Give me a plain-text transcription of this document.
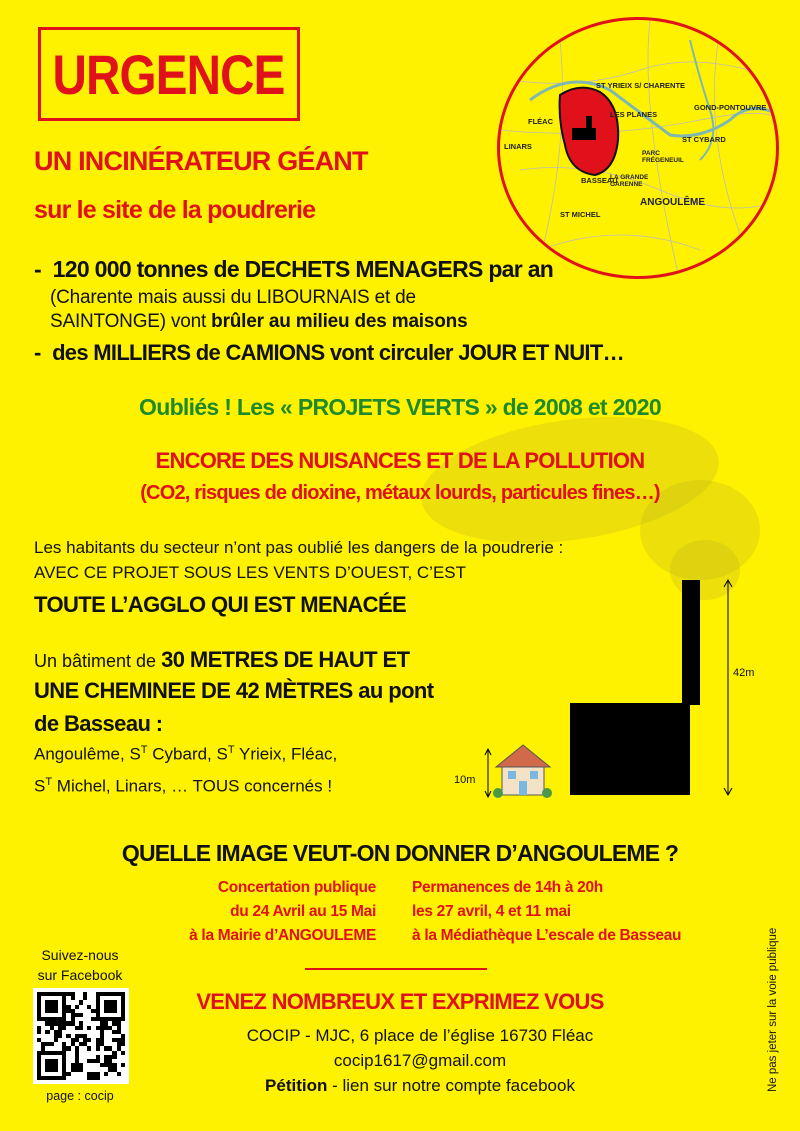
URGENCE
UN INCINÉRATEUR GÉANT
sur le site de la poudrerie
ST YRIEIX S/ CHARENTE
GOND-PONTOUVRE
FLÉAC
LES PLANES
ST CYBARD
LINARS
PARC FRÉGENEUIL
BASSEAU
LA GRANDE GARENNE
ANGOULÊME
ST MICHEL
- 120 000 tonnes de DECHETS MENAGERS par an
(Charente mais aussi du LIBOURNAIS et de
SAINTONGE) vont brûler au milieu des maisons
- des MILLIERS de CAMIONS vont circuler JOUR ET NUIT…
Oubliés ! Les « PROJETS VERTS » de 2008 et 2020
ENCORE DES NUISANCES ET DE LA POLLUTION
(CO2, risques de dioxine, métaux lourds, particules fines…)
Les habitants du secteur n’ont pas oublié les dangers de la poudrerie :
AVEC CE PROJET SOUS LES VENTS D’OUEST, C’EST
TOUTE L’AGGLO QUI EST MENACÉE
Un bâtiment de 30 METRES DE HAUT ET
UNE CHEMINEE DE 42 MÈTRES au pont
de Basseau :
Angoulême, $S^T$ Cybard, $S^T$ Yrieix, Fléac,
$S^T$ Michel, Linars, … TOUS concernés !	10m
42m
QUELLE IMAGE VEUT-ON DONNER D’ANGOULEME ?
Concertation publique
du 24 Avril au 15 Mai
à la Mairie d’ANGOULEME
Permanences de 14h à 20h
les 27 avril, 4 et 11 mai
à la Médiathèque L’escale de Basseau
Suivez-nous
sur Facebook
page : cocip
VENEZ NOMBREUX ET EXPRIMEZ VOUS
COCIP - MJC, 6 place de l’église 16730 Fléac
cocip1617@gmail.com
Pétition - lien sur notre compte facebook	Ne pas jeter sur la voie publique
